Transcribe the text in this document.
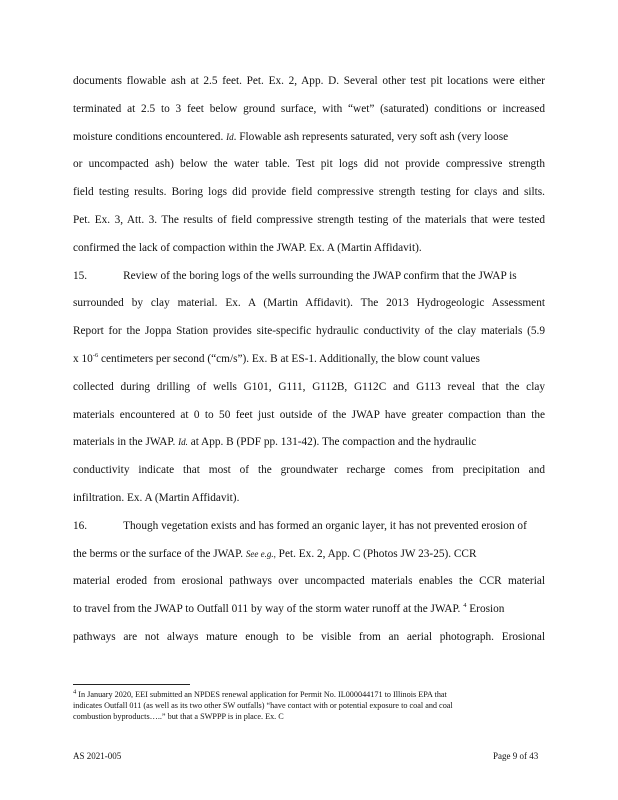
documents flowable ash at 2.5 feet. Pet. Ex. 2, App. D. Several other test pit locations were either
terminated at 2.5 to 3 feet below ground surface, with “wet” (saturated) conditions or increased
moisture conditions encountered. Id. Flowable ash represents saturated, very soft ash (very loose
or uncompacted ash) below the water table. Test pit logs did not provide compressive strength
field testing results. Boring logs did provide field compressive strength testing for clays and silts.
Pet. Ex. 3, Att. 3. The results of field compressive strength testing of the materials that were tested
confirmed the lack of compaction within the JWAP. Ex. A (Martin Affidavit).
15.	Review of the boring logs of the wells surrounding the JWAP confirm that the JWAP is
surrounded by clay material. Ex. A (Martin Affidavit). The 2013 Hydrogeologic Assessment
Report for the Joppa Station provides site-specific hydraulic conductivity of the clay materials (5.9
x $10^{-6}$ centimeters per second (“cm/s”). Ex. B at ES-1. Additionally, the blow count values
collected during drilling of wells G101, G111, G112B, G112C and G113 reveal that the clay
materials encountered at 0 to 50 feet just outside of the JWAP have greater compaction than the
materials in the JWAP. Id. at App. B (PDF pp. 131-42). The compaction and the hydraulic
conductivity indicate that most of the groundwater recharge comes from precipitation and
infiltration. Ex. A (Martin Affidavit).
16.	Though vegetation exists and has formed an organic layer, it has not prevented erosion of
the berms or the surface of the JWAP. See e.g., Pet. Ex. 2, App. C (Photos JW 23-25). CCR
material eroded from erosional pathways over uncompacted materials enables the CCR material
to travel from the JWAP to Outfall 011 by way of the storm water runoff at the JWAP. $^4$ Erosion
pathways are not always mature enough to be visible from an aerial photograph. Erosional
$^4$ In January 2020, EEI submitted an NPDES renewal application for Permit No. IL000044171 to Illinois EPA that
indicates Outfall 011 (as well as its two other SW outfalls) “have contact with or potential exposure to coal and coal
combustion byproducts…..” but that a SWPPP is in place. Ex. C
AS 2021-005	Page 9 of 43
